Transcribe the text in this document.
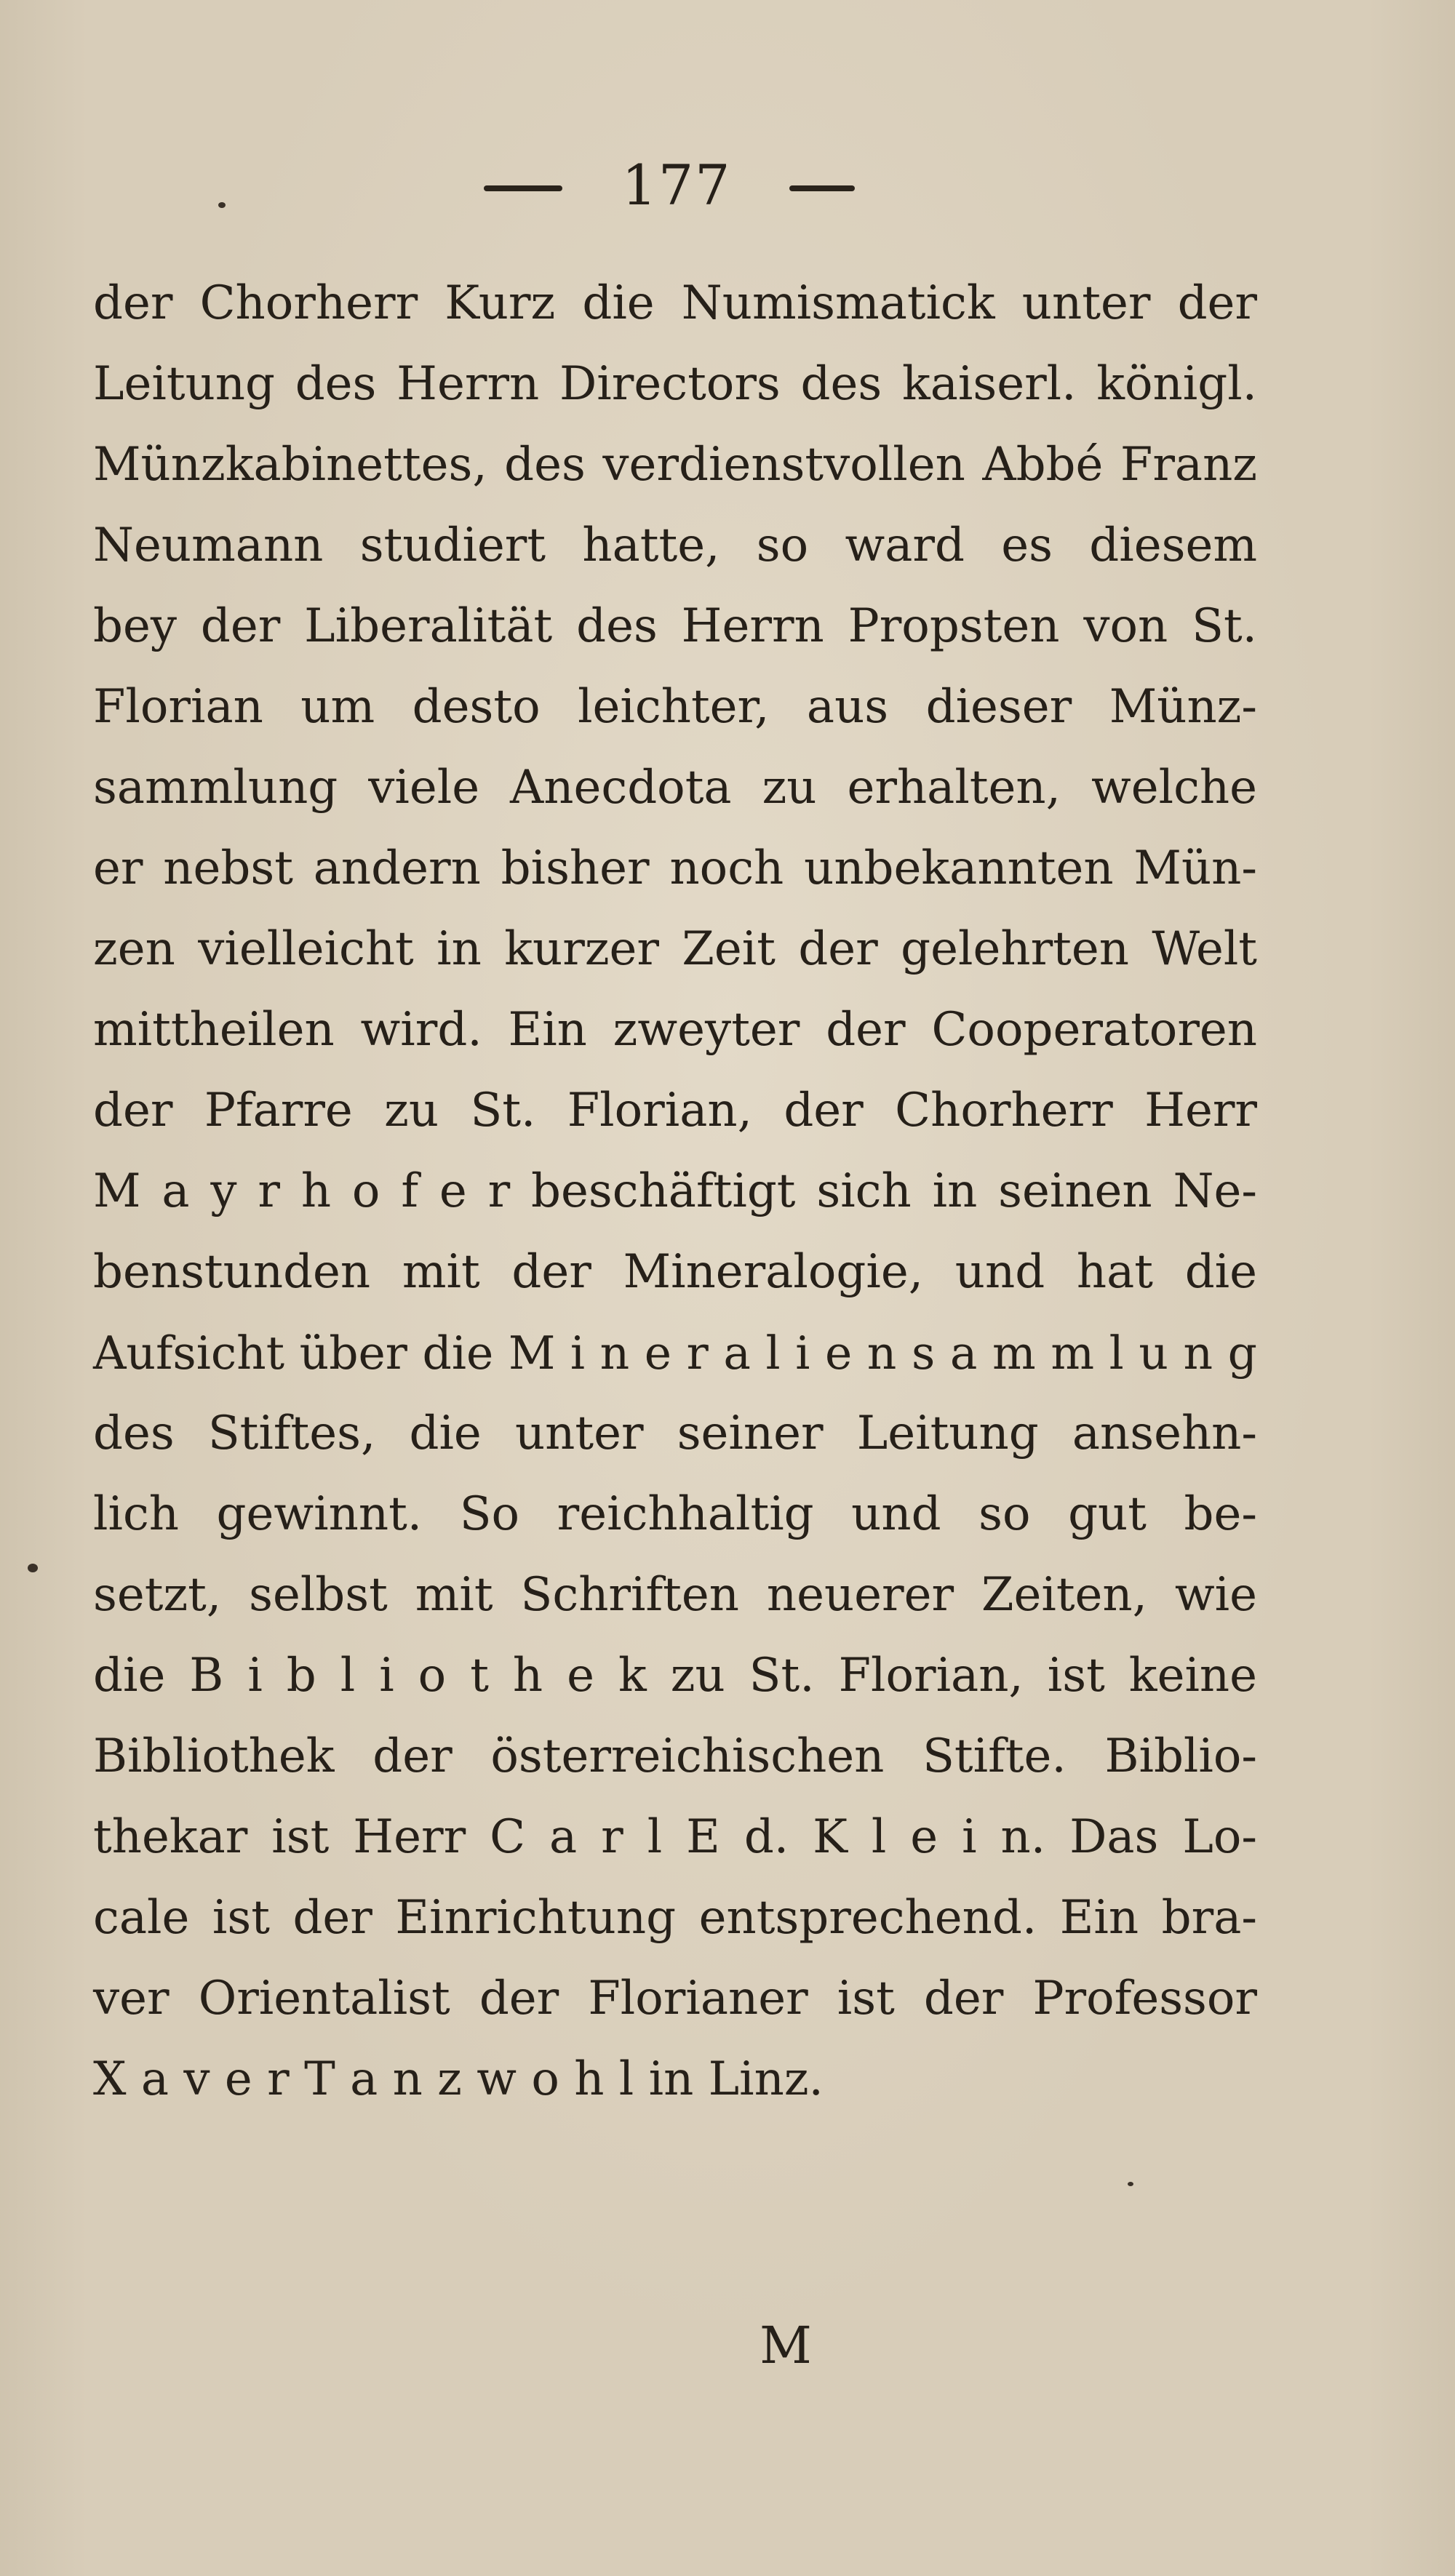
177
der Chorherr Kurz die Numismatick unter der
Leitung des Herrn Directors des kaiserl. königl.
Münzkabinettes, des verdienstvollen Abbé Franz
Neumann studiert hatte, so ward es diesem
bey der Liberalität des Herrn Propsten von St.
Florian um desto leichter, aus dieser Münz-
sammlung viele Anecdota zu erhalten, welche
er nebst andern bisher noch unbekannten Mün-
zen vielleicht in kurzer Zeit der gelehrten Welt
mittheilen wird. Ein zweyter der Cooperatoren
der Pfarre zu St. Florian, der Chorherr Herr
M a y r h o f e r beschäftigt sich in seinen Ne-
benstunden mit der Mineralogie, und hat die
Aufsicht über die M i n e r a l i e n s a m m l u n g
des Stiftes, die unter seiner Leitung ansehn-
lich gewinnt. So reichhaltig und so gut be-
setzt, selbst mit Schriften neuerer Zeiten, wie
die B i b l i o t h e k zu St. Florian, ist keine
Bibliothek der österreichischen Stifte. Biblio-
thekar ist Herr C a r l E d. K l e i n. Das Lo-
cale ist der Einrichtung entsprechend. Ein bra-
ver Orientalist der Florianer ist der Professor
X a v e r T a n z w o h l in Linz.
M
